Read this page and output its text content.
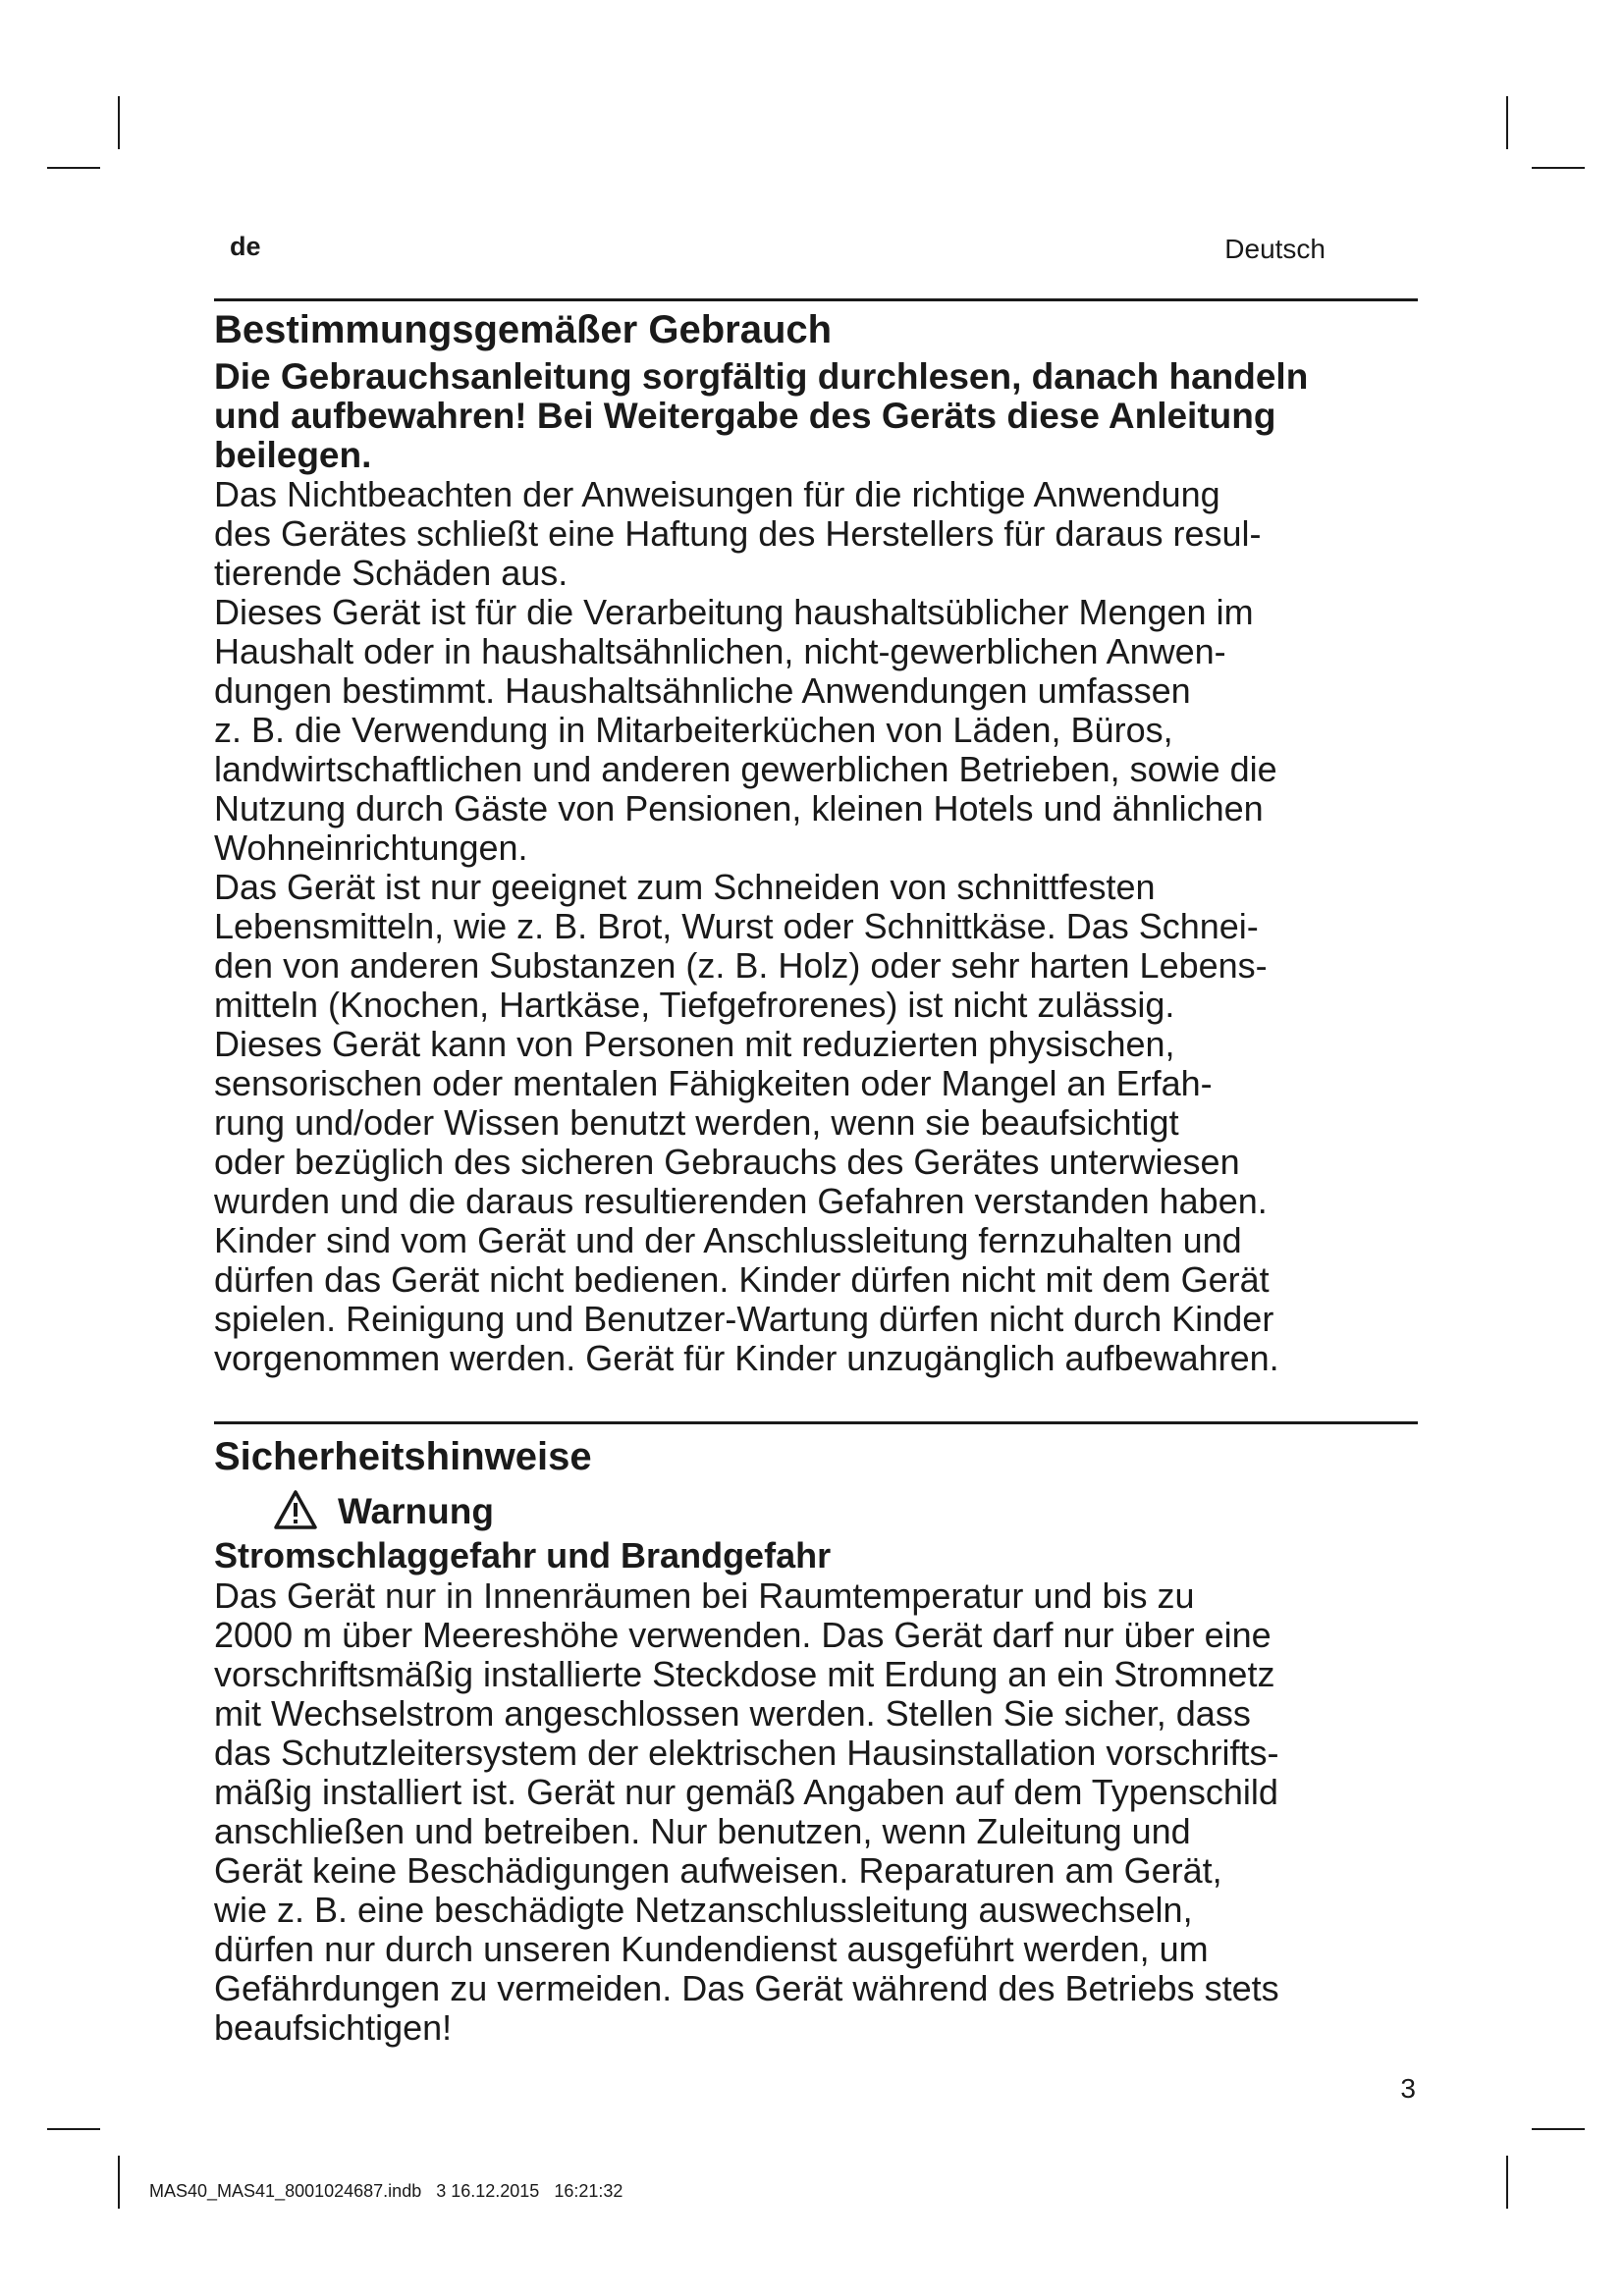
de	Deutsch
Bestimmungsgemäßer Gebrauch

Die Gebrauchsanleitung sorgfältig durchlesen, danach handeln

und aufbewahren! Bei Weitergabe des Geräts diese Anleitung

beilegen.

Das Nichtbeachten der Anweisungen für die richtige Anwendung

des Gerätes schließt eine Haftung des Herstellers für daraus resul-

tierende Schäden aus.

Dieses Gerät ist für die Verarbeitung haushaltsüblicher Mengen im

Haushalt oder in haushaltsähnlichen, nicht-gewerblichen Anwen-

dungen bestimmt. Haushaltsähnliche Anwendungen umfassen

z. B. die Verwendung in Mitarbeiterküchen von Läden, Büros,

landwirtschaftlichen und anderen gewerblichen Betrieben, sowie die

Nutzung durch Gäste von Pensionen, kleinen Hotels und ähnlichen

Wohneinrichtungen.

Das Gerät ist nur geeignet zum Schneiden von schnittfesten

Lebensmitteln, wie z. B. Brot, Wurst oder Schnittkäse. Das Schnei-

den von anderen Substanzen (z. B. Holz) oder sehr harten Lebens-

mitteln (Knochen, Hartkäse, Tiefgefrorenes) ist nicht zulässig.

Dieses Gerät kann von Personen mit reduzierten physischen,

sensorischen oder mentalen Fähigkeiten oder Mangel an Erfah-

rung und/oder Wissen benutzt werden, wenn sie beaufsichtigt

oder bezüglich des sicheren Gebrauchs des Gerätes unterwiesen

wurden und die daraus resultierenden Gefahren verstanden haben.

Kinder sind vom Gerät und der Anschlussleitung fernzuhalten und

dürfen das Gerät nicht bedienen. Kinder dürfen nicht mit dem Gerät

spielen. Reinigung und Benutzer-Wartung dürfen nicht durch Kinder

vorgenommen werden. Gerät für Kinder unzugänglich aufbewahren.

Sicherheitshinweise
Warnung

Stromschlaggefahr und Brandgefahr

Das Gerät nur in Innenräumen bei Raumtemperatur und bis zu

2000 m über Meereshöhe verwenden. Das Gerät darf nur über eine

vorschriftsmäßig installierte Steckdose mit Erdung an ein Stromnetz

mit Wechselstrom angeschlossen werden. Stellen Sie sicher, dass

das Schutzleitersystem der elektrischen Hausinstallation vorschrifts-

mäßig installiert ist. Gerät nur gemäß Angaben auf dem Typenschild

anschließen und betreiben. Nur benutzen, wenn Zuleitung und

Gerät keine Beschädigungen aufweisen. Reparaturen am Gerät,

wie z. B. eine beschädigte Netzanschlussleitung auswechseln,

dürfen nur durch unseren Kundendienst ausgeführt werden, um

Gefährdungen zu vermeiden. Das Gerät während des Betriebs stets

beaufsichtigen!

3
MAS40_MAS41_8001024687.indb   3 16.12.2015   16:21:32
